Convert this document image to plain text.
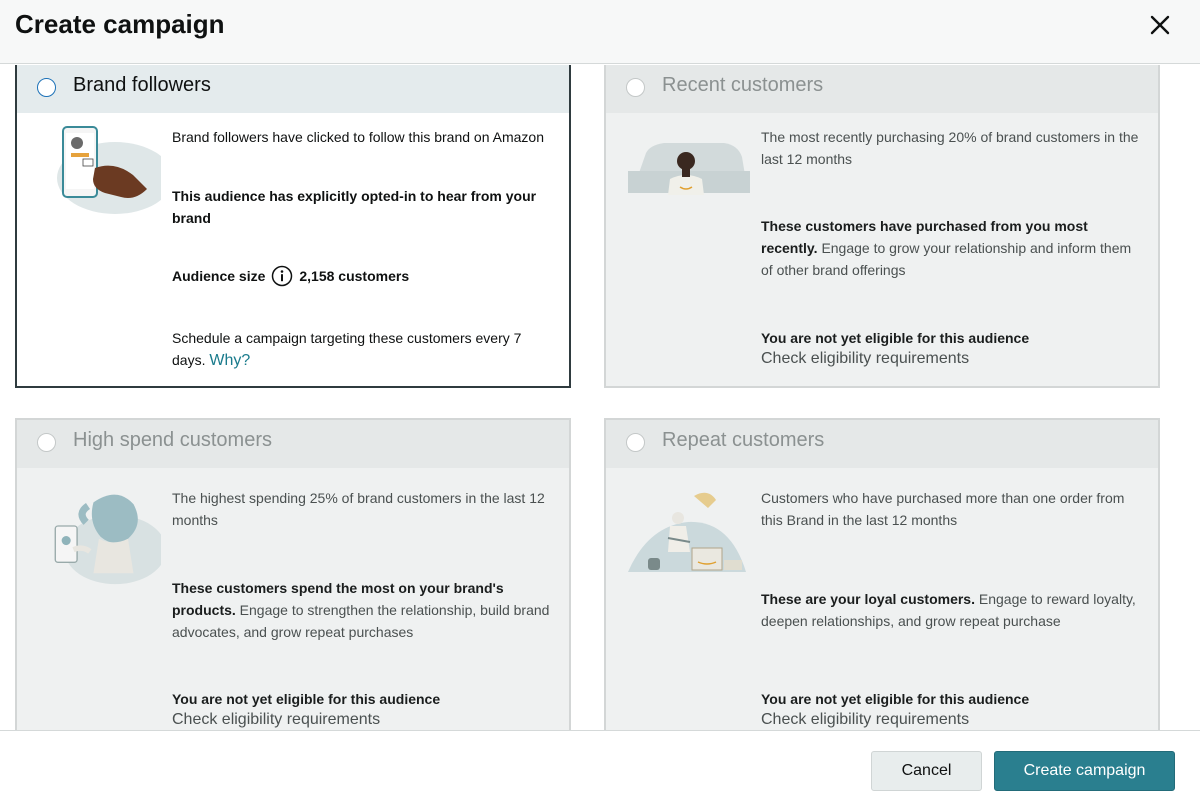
Create campaign
Brand followers
Brand followers have clicked to follow this brand on Amazon
This audience has explicitly opted-in to hear from your brand
Audience size 2,158 customers
Schedule a campaign targeting these customers every 7 days. Why?
Recent customers
The most recently purchasing 20% of brand customers in the last 12 months
These customers have purchased from you most recently. Engage to grow your relationship and inform them of other brand offerings
You are not yet eligible for this audience
Check eligibility requirements
High spend customers
The highest spending 25% of brand customers in the last 12 months
These customers spend the most on your brand's products. Engage to strengthen the relationship, build brand advocates, and grow repeat purchases
You are not yet eligible for this audience
Check eligibility requirements
Repeat customers
Customers who have purchased more than one order from this Brand in the last 12 months
These are your loyal customers. Engage to reward loyalty, deepen relationships, and grow repeat purchase
You are not yet eligible for this audience
Check eligibility requirements
Cancel	Create campaign
